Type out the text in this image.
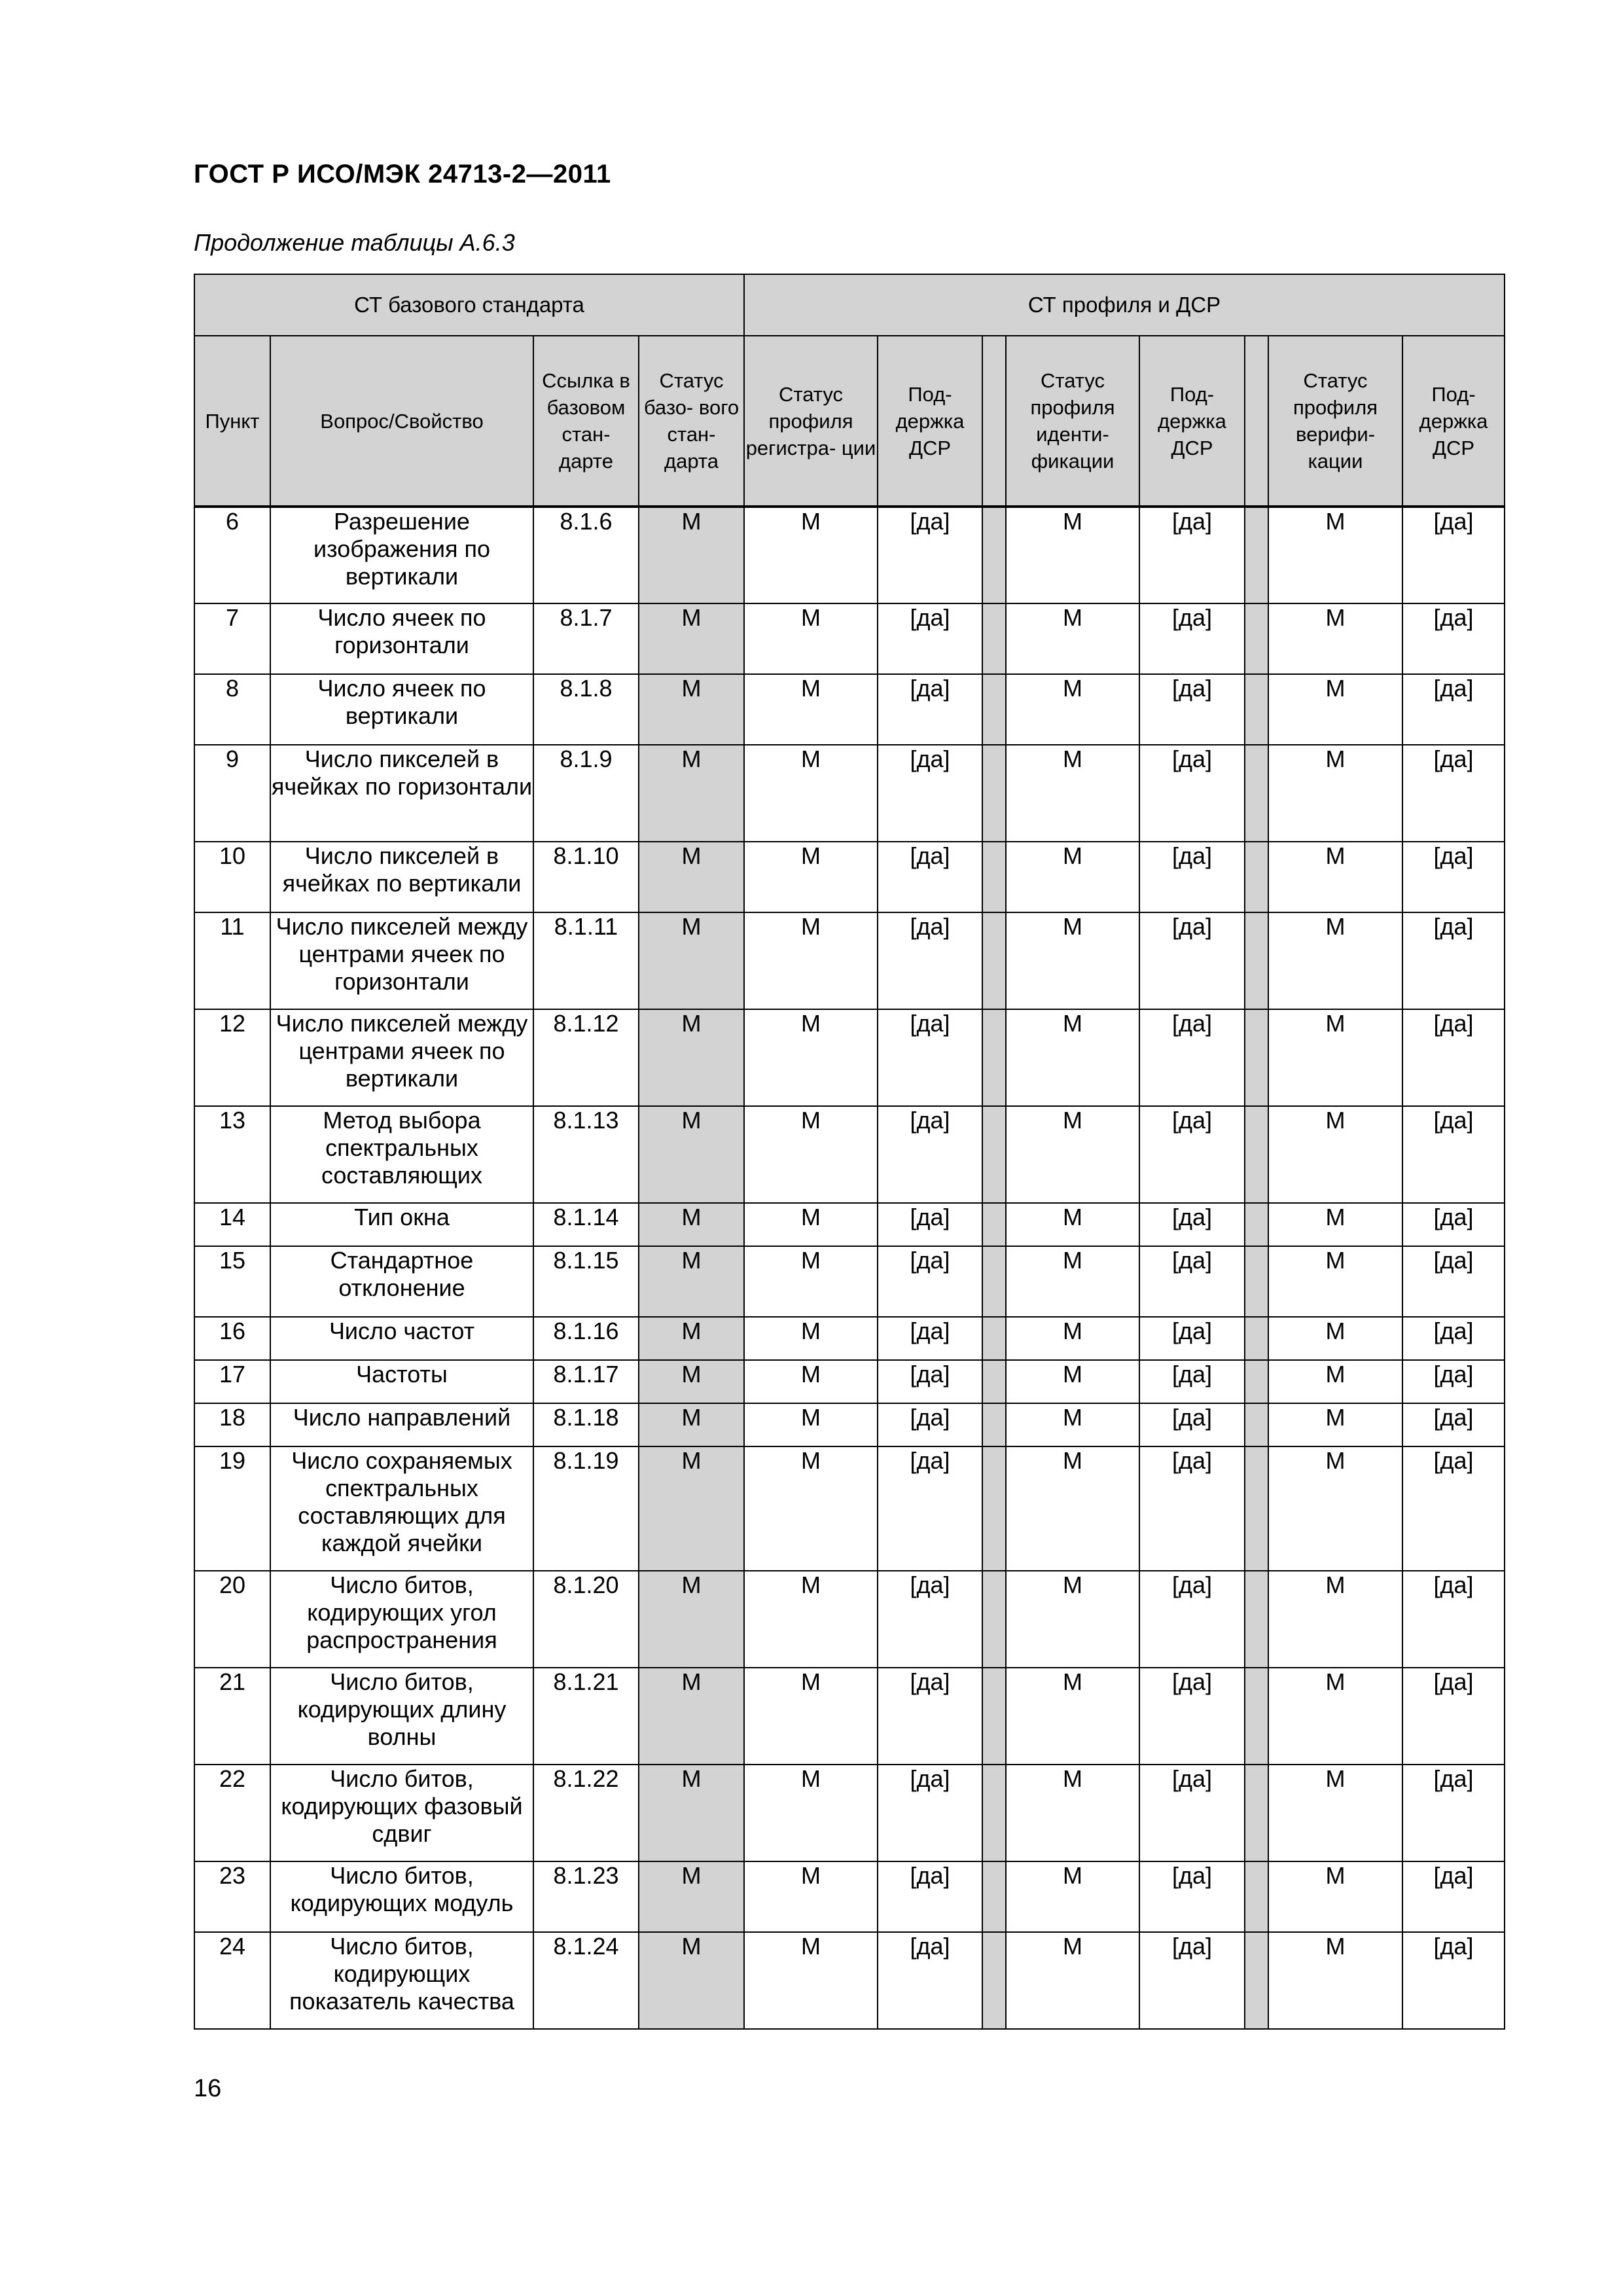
ГОСТ Р ИСО/МЭК 24713-2—2011
Продолжение таблицы А.6.3
СТ базового стандарта				СТ профиля и ДСР							
Пункт	Вопрос/Свойство	Ссылка в базовом стан- дарте	Статус базо- вого стан- дарта	Статус профиля регистра- ции	Под- держка ДСР		Статус профиля иденти- фикации	Под- держка ДСР		Статус профиля верифи- кации	Под- держка ДСР
6	Разрешение изображения по вертикали	8.1.6	М	М	[да]		М	[да]		М	[да]
7	Число ячеек по горизонтали	8.1.7	М	М	[да]		М	[да]		М	[да]
8	Число ячеек по вертикали	8.1.8	М	М	[да]		М	[да]		М	[да]
9	Число пикселей в ячейках по горизонтали	8.1.9	М	М	[да]		М	[да]		М	[да]
10	Число пикселей в ячейках по вертикали	8.1.10	М	М	[да]		М	[да]		М	[да]
11	Число пикселей между центрами ячеек по горизонтали	8.1.11	М	М	[да]		М	[да]		М	[да]
12	Число пикселей между центрами ячеек по вертикали	8.1.12	М	М	[да]		М	[да]		М	[да]
13	Метод выбора спектральных составляющих	8.1.13	М	М	[да]		М	[да]		М	[да]
14	Тип окна	8.1.14	М	М	[да]		М	[да]		М	[да]
15	Стандартное отклонение	8.1.15	М	М	[да]		М	[да]		М	[да]
16	Число частот	8.1.16	М	М	[да]		М	[да]		М	[да]
17	Частоты	8.1.17	М	М	[да]		М	[да]		М	[да]
18	Число направлений	8.1.18	М	М	[да]		М	[да]		М	[да]
19	Число сохраняемых спектральных составляющих для каждой ячейки	8.1.19	М	М	[да]		М	[да]		М	[да]
20	Число битов, кодирующих угол распространения	8.1.20	М	М	[да]		М	[да]		М	[да]
21	Число битов, кодирующих длину волны	8.1.21	М	М	[да]		М	[да]		М	[да]
22	Число битов, кодирующих фазовый сдвиг	8.1.22	М	М	[да]		М	[да]		М	[да]
23	Число битов, кодирующих модуль	8.1.23	М	М	[да]		М	[да]		М	[да]
24	Число битов, кодирующих показатель качества	8.1.24	М	М	[да]		М	[да]		М	[да]
16
